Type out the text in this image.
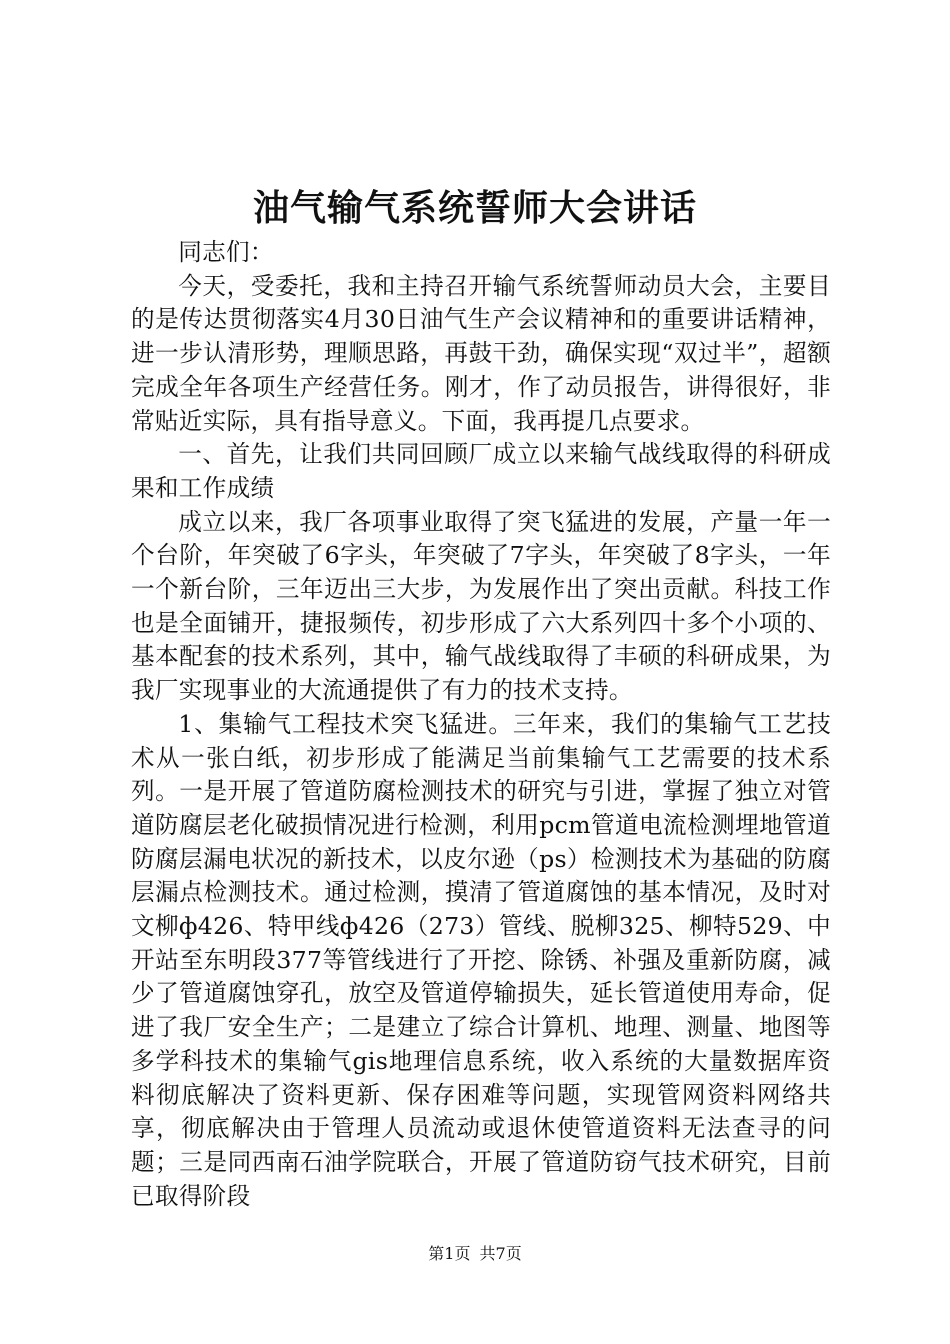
油气输气系统誓师大会讲话

同志们：

今天，受委托，我和主持召开输气系统誓师动员大会，主要目的是传达贯彻落实4月30日油气生产会议精神和的重要讲话精神，进一步认清形势，理顺思路，再鼓干劲，确保实现“双过半”，超额完成全年各项生产经营任务。刚才，作了动员报告，讲得很好，非常贴近实际，具有指导意义。下面，我再提几点要求。

一、首先，让我们共同回顾厂成立以来输气战线取得的科研成果和工作成绩

成立以来，我厂各项事业取得了突飞猛进的发展，产量一年一个台阶，年突破了6字头，年突破了7字头，年突破了8字头，一年一个新台阶，三年迈出三大步，为发展作出了突出贡献。科技工作也是全面铺开，捷报频传，初步形成了六大系列四十多个小项的、基本配套的技术系列，其中，输气战线取得了丰硕的科研成果，为我厂实现事业的大流通提供了有力的技术支持。

1、集输气工程技术突飞猛进。三年来，我们的集输气工艺技术从一张白纸，初步形成了能满足当前集输气工艺需要的技术系列。一是开展了管道防腐检测技术的研究与引进，掌握了独立对管道防腐层老化破损情况进行检测，利用pcm管道电流检测埋地管道防腐层漏电状况的新技术，以皮尔逊（ps）检测技术为基础的防腐层漏点检测技术。通过检测，摸清了管道腐蚀的基本情况，及时对文柳ф426、特甲线ф426（273）管线、脱柳325、柳特529、中开站至东明段377等管线进行了开挖、除锈、补强及重新防腐，减少了管道腐蚀穿孔，放空及管道停输损失，延长管道使用寿命，促进了我厂安全生产；二是建立了综合计算机、地理、测量、地图等多学科技术的集输气gis地理信息系统，收入系统的大量数据库资料彻底解决了资料更新、保存困难等问题，实现管网资料网络共享，彻底解决由于管理人员流动或退休使管道资料无法查寻的问题；三是同西南石油学院联合，开展了管道防窃气技术研究，目前已取得阶段

第1页 共7页
